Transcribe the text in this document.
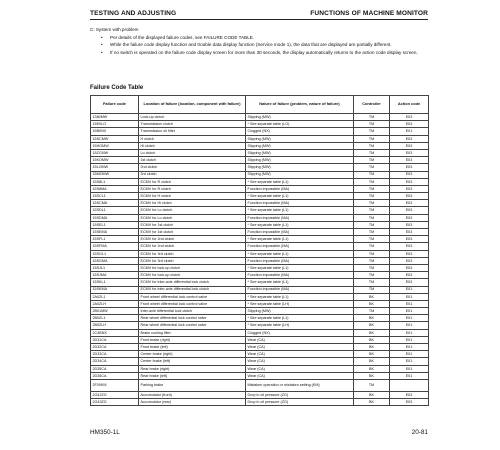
TESTING AND ADJUSTING	FUNCTIONS OF MACHINE MONITOR

C: System with problem

• Per details of the displayed failure codes, see FAILURE CODE TABLE.
• While the failure code display function and trouble data display function (Service mode 1), the data that are displayed are partially different.
• If no switch is operated on the failure code display screen for more than 30 seconds, the display automatically returns to the action code display screen.
Failure Code Table
Failure code	Location of failure (location, component with failure)	Nature of failure (problem, nature of failure)	Controller	Action code
1380MW	Lock-up clutch	Slipping (MW)	TM	E03
15E0LO	Transmission clutch	* See separate table (LO)	TM	E03
15B0NX	Transmission oil filter	Clogged (NX)	TM	E01
15SCMW	H clutch	Slipping (MW)	TM	E03
15HOMW	Hi clutch	Slipping (MW)	TM	E03
15ZCMW	Lo clutch	Slipping (MW)	TM	E03
15KOMW	1st clutch	Slipping (MW)	TM	E03
15LOMW	2nd clutch	Slipping (MW)	TM	E03
15MOMW	3rd clutch	Slipping (MW)	TM	E03
15S8L1	ECMV for R clutch	* See separate table (L1)	TM	E03
15S8MA	ECMV for R clutch	Function impossible (MA)	TM	E03
15SCL1	ECMV for H clutch	* See separate table (L1)	TM	E03
15SCMA	ECMV for Hi clutch	Function impossible (MA)	TM	E03
15SDL1	ECMV for Lo clutch	* See separate table (L1)	TM	E03
15SDMA	ECMV for Lo clutch	Function impossible (MA)	TM	E03
15SEL1	ECMV for 1st clutch	* See separate table (L1)	TM	E03
15SEMA	ECMV for 1st clutch	Function impossible (MA)	TM	E03
15SFL1	ECMV for 2nd clutch	* See separate table (L1)	TM	E03
15SFMA	ECMV for 2nd clutch	Function impossible (MA)	TM	E03
15SGL1	ECMV for 3rd clutch	* See separate table (L1)	TM	E03
15SGMA	ECMV for 3rd clutch	Function impossible (MA)	TM	E03
15SJL1	ECMV for lock-up clutch	* See separate table (L1)	TM	E03
15SJMA	ECMV for lock-up clutch	Function impossible (MA)	TM	E03
15SKL1	ECMV for inter-axle differential lock clutch	* See separate table (L1)	TM	E03
15SKMA	ECMV for inter-axle differential lock clutch	Function impossible (MA)	TM	E01
2A0ZL1	Front wheel differential lock control valve	* See separate table (L1)	BK	E01
2A0ZLH	Front wheel differential lock control valve	* See separate table (LH)	BK	E01
2B01MW	Inter-axle differential lock clutch	Slipping (MW)	TM	E01
2B0ZL1	Rear wheel differential lock control valve	* See separate table (L1)	BK	E01
2B0ZLH	Rear wheel differential lock control valve	* See separate table (LH)	BK	E01
2C4BNX	Brake cooling filter	Clogged (NX)	BK	E01
2D31CA	Front brake (right)	Wear (CA)	BK	E01
2D32CA	Front brake (left)	Wear (CA)	BK	E01
2D33CA	Center brake (right)	Wear (CA)	BK	E01
2D34CA	Center brake (left)	Wear (CA)	BK	E01
2D35CA	Rear brake (right)	Wear (CA)	BK	E01
2D36CA	Rear brake (left)	Wear (CA)	BK	E01
2F00KM	Parking brake	Mistaken operation or mistaken setting (KM)	TM	
2G42ZG	Accumulator (front)	Drop in oil pressure (ZG)	BK	E03
2G43ZG	Accumulator (rear)	Drop in oil pressure (ZG)	BK	E03
HM350-1L	20-81
